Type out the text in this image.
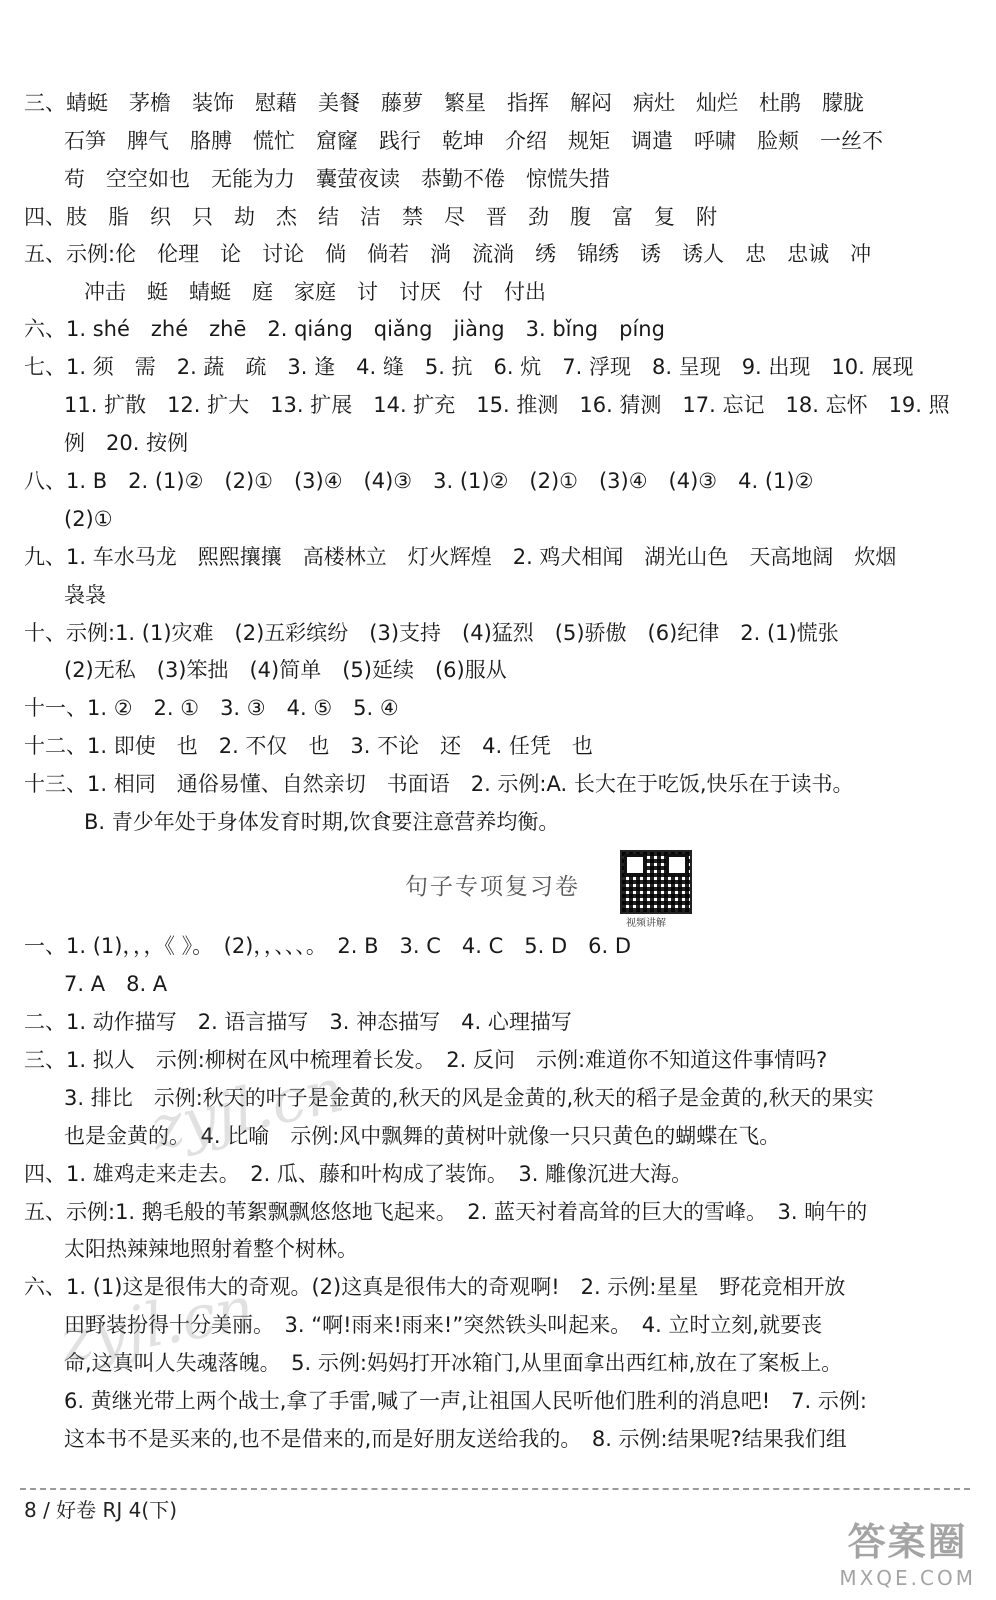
三、蜻蜓　茅檐　装饰　慰藉　美餐　藤萝　繁星　指挥　解闷　病灶　灿烂　杜鹃　朦胧
石笋　脾气　胳膊　慌忙　窟窿　践行　乾坤　介绍　规矩　调遣　呼啸　脸颊　一丝不
苟　空空如也　无能为力　囊萤夜读　恭勤不倦　惊慌失措
四、肢　脂　织　只　劫　杰　结　洁　禁　尽　晋　劲　腹　富　复　附
五、示例:伦　伦理　论　讨论　倘　倘若　淌　流淌　绣　锦绣　诱　诱人　忠　忠诚　冲
冲击　蜓　蜻蜓　庭　家庭　讨　讨厌　付　付出
六、1. shé　zhé　zhē　2. qiáng　qiǎng　jiàng　3. bǐng　píng
七、1. 须　需　2. 蔬　疏　3. 逢　4. 缝　5. 抗　6. 炕　7. 浮现　8. 呈现　9. 出现　10. 展现
11. 扩散　12. 扩大　13. 扩展　14. 扩充　15. 推测　16. 猜测　17. 忘记　18. 忘怀　19. 照
例　20. 按例
八、1. B　2. (1)②　(2)①　(3)④　(4)③　3. (1)②　(2)①　(3)④　(4)③　4. (1)②
(2)①
九、1. 车水马龙　熙熙攘攘　高楼林立　灯火辉煌　2. 鸡犬相闻　湖光山色　天高地阔　炊烟
袅袅
十、示例:1. (1)灾难　(2)五彩缤纷　(3)支持　(4)猛烈　(5)骄傲　(6)纪律　2. (1)慌张
(2)无私　(3)笨拙　(4)简单　(5)延续　(6)服从
十一、1. ②　2. ①　3. ③　4. ⑤　5. ④
十二、1. 即使　也　2. 不仅　也　3. 不论　还　4. 任凭　也
十三、1. 相同　通俗易懂、自然亲切　书面语　2. 示例:A. 长大在于吃饭,快乐在于读书。
B. 青少年处于身体发育时期,饮食要注意营养均衡。
句子专项复习卷
视频讲解
一、1. (1)，，，《 》。　(2)，，、、、。　2. B　3. C　4. C　5. D　6. D
7. A　8. A
二、1. 动作描写　2. 语言描写　3. 神态描写　4. 心理描写
三、1. 拟人　示例:柳树在风中梳理着长发。　2. 反问　示例:难道你不知道这件事情吗?
3. 排比　示例:秋天的叶子是金黄的,秋天的风是金黄的,秋天的稻子是金黄的,秋天的果实
也是金黄的。　4. 比喻　示例:风中飘舞的黄树叶就像一只只黄色的蝴蝶在飞。
四、1. 雄鸡走来走去。　2. 瓜、藤和叶构成了装饰。　3. 雕像沉进大海。
五、示例:1. 鹅毛般的苇絮飘飘悠悠地飞起来。　2. 蓝天衬着高耸的巨大的雪峰。　3. 晌午的
太阳热辣辣地照射着整个树林。
六、1. (1)这是很伟大的奇观。(2)这真是很伟大的奇观啊!　2. 示例:星星　野花竞相开放
田野装扮得十分美丽。　3. “啊!雨来!雨来!”突然铁头叫起来。　4. 立时立刻,就要丧
命,这真叫人失魂落魄。　5. 示例:妈妈打开冰箱门,从里面拿出西红柿,放在了案板上。
6. 黄继光带上两个战士,拿了手雷,喊了一声,让祖国人民听他们胜利的消息吧!　7. 示例:
这本书不是买来的,也不是借来的,而是好朋友送给我的。　8. 示例:结果呢?结果我们组
8 / 好卷 RJ 4(下)
zyjl.cn
zyjl.cn
答案圈
MXQE.COM
